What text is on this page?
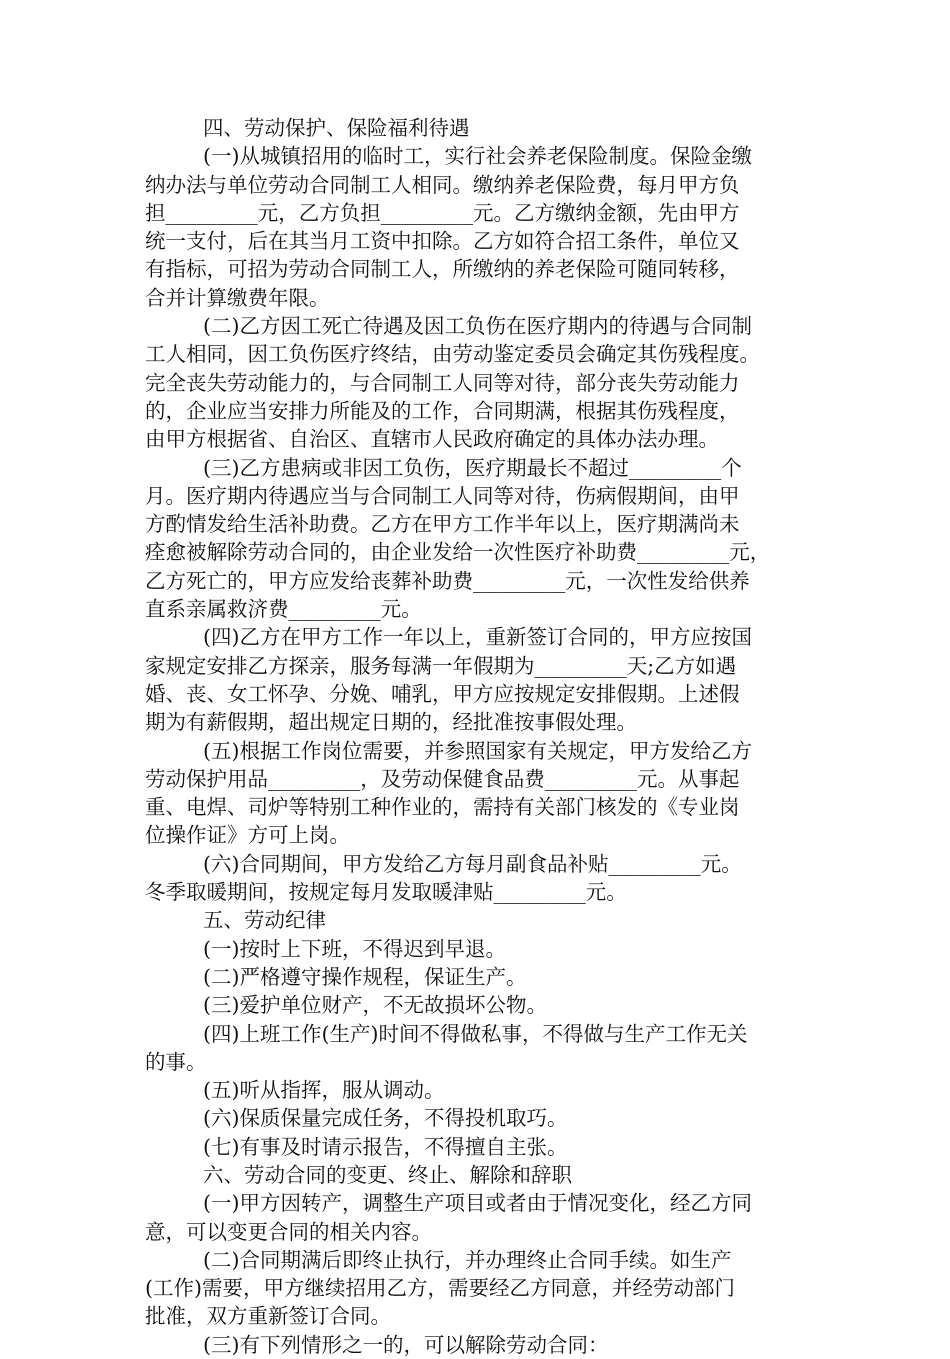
四、劳动保护、保险福利待遇
(一)从城镇招用的临时工，实行社会养老保险制度。保险金缴
纳办法与单位劳动合同制工人相同。缴纳养老保险费，每月甲方负
担_________元，乙方负担_________元。乙方缴纳金额，先由甲方
统一支付，后在其当月工资中扣除。乙方如符合招工条件，单位又
有指标，可招为劳动合同制工人，所缴纳的养老保险可随同转移，
合并计算缴费年限。
(二)乙方因工死亡待遇及因工负伤在医疗期内的待遇与合同制
工人相同，因工负伤医疗终结，由劳动鉴定委员会确定其伤残程度。
完全丧失劳动能力的，与合同制工人同等对待，部分丧失劳动能力
的，企业应当安排力所能及的工作，合同期满，根据其伤残程度，
由甲方根据省、自治区、直辖市人民政府确定的具体办法办理。
(三)乙方患病或非因工负伤，医疗期最长不超过_________个
月。医疗期内待遇应当与合同制工人同等对待，伤病假期间，由甲
方酌情发给生活补助费。乙方在甲方工作半年以上，医疗期满尚未
痊愈被解除劳动合同的，由企业发给一次性医疗补助费_________元，
乙方死亡的，甲方应发给丧葬补助费_________元，一次性发给供养
直系亲属救济费_________元。
(四)乙方在甲方工作一年以上，重新签订合同的，甲方应按国
家规定安排乙方探亲，服务每满一年假期为_________天;乙方如遇
婚、丧、女工怀孕、分娩、哺乳，甲方应按规定安排假期。上述假
期为有薪假期，超出规定日期的，经批准按事假处理。
(五)根据工作岗位需要，并参照国家有关规定，甲方发给乙方
劳动保护用品_________，及劳动保健食品费_________元。从事起
重、电焊、司炉等特别工种作业的，需持有关部门核发的《专业岗
位操作证》方可上岗。
(六)合同期间，甲方发给乙方每月副食品补贴_________元。
冬季取暖期间，按规定每月发取暖津贴_________元。
五、劳动纪律
(一)按时上下班，不得迟到早退。
(二)严格遵守操作规程，保证生产。
(三)爱护单位财产，不无故损坏公物。
(四)上班工作(生产)时间不得做私事，不得做与生产工作无关
的事。
(五)听从指挥，服从调动。
(六)保质保量完成任务，不得投机取巧。
(七)有事及时请示报告，不得擅自主张。
六、劳动合同的变更、终止、解除和辞职
(一)甲方因转产，调整生产项目或者由于情况变化，经乙方同
意，可以变更合同的相关内容。
(二)合同期满后即终止执行，并办理终止合同手续。如生产
(工作)需要，甲方继续招用乙方，需要经乙方同意，并经劳动部门
批准，双方重新签订合同。
(三)有下列情形之一的，可以解除劳动合同：
